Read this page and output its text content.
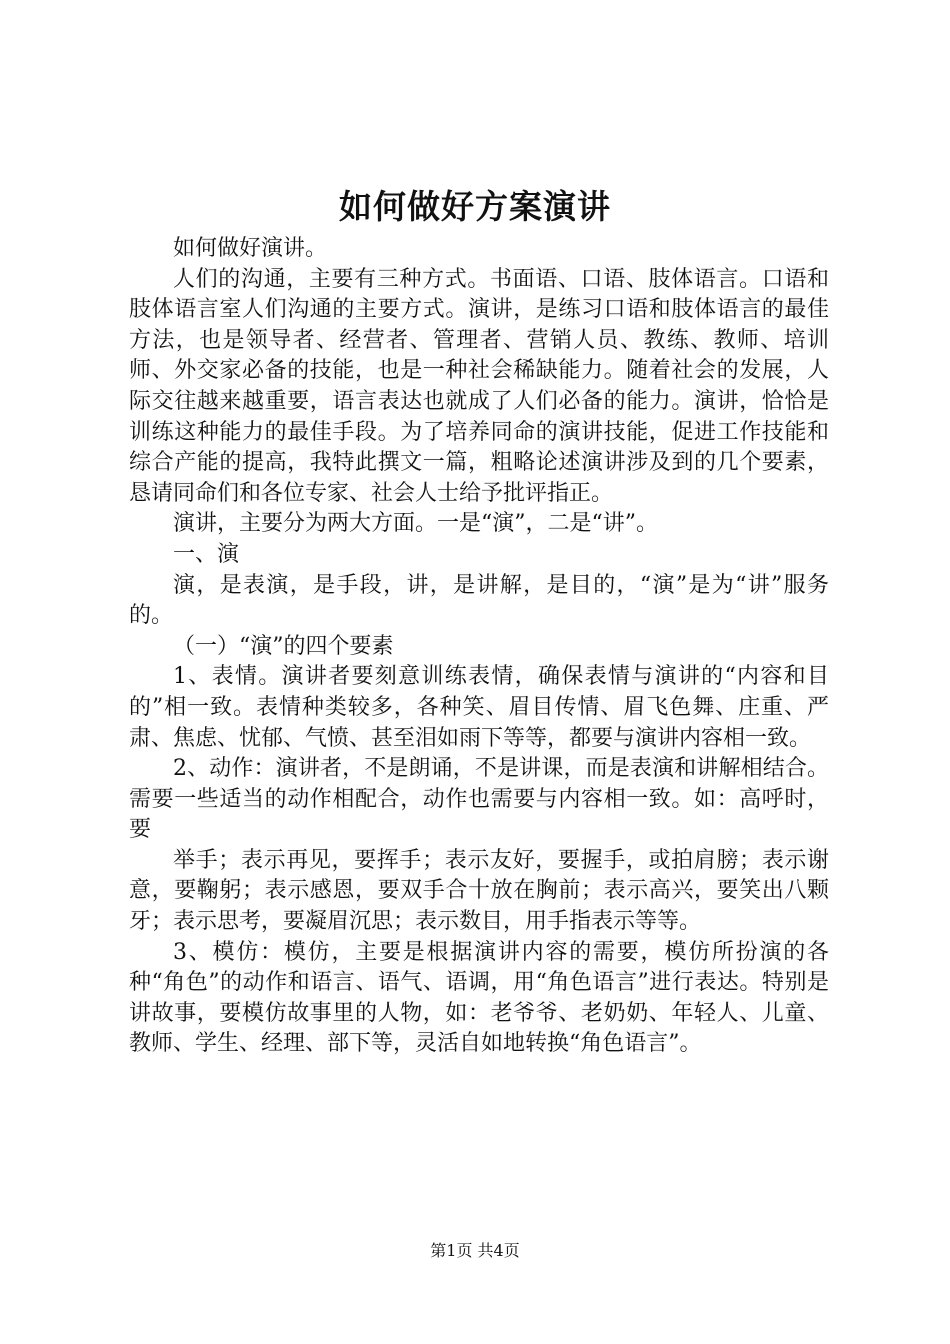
如何做好方案演讲

如何做好演讲。

人们的沟通，主要有三种方式。书面语、口语、肢体语言。口语和肢体语言室人们沟通的主要方式。演讲，是练习口语和肢体语言的最佳方法，也是领导者、经营者、管理者、营销人员、教练、教师、培训师、外交家必备的技能，也是一种社会稀缺能力。随着社会的发展，人际交往越来越重要，语言表达也就成了人们必备的能力。演讲，恰恰是训练这种能力的最佳手段。为了培养同命的演讲技能，促进工作技能和综合产能的提高，我特此撰文一篇，粗略论述演讲涉及到的几个要素，恳请同命们和各位专家、社会人士给予批评指正。

演讲，主要分为两大方面。一是“演”，二是“讲”。

一、演

演，是表演，是手段，讲，是讲解，是目的，“演”是为“讲”服务的。

（一）“演”的四个要素

1、表情。演讲者要刻意训练表情，确保表情与演讲的“内容和目的”相一致。表情种类较多，各种笑、眉目传情、眉飞色舞、庄重、严肃、焦虑、忧郁、气愤、甚至泪如雨下等等，都要与演讲内容相一致。

2、动作：演讲者，不是朗诵，不是讲课，而是表演和讲解相结合。需要一些适当的动作相配合，动作也需要与内容相一致。如：高呼时，要

举手；表示再见，要挥手；表示友好，要握手，或拍肩膀；表示谢意，要鞠躬；表示感恩，要双手合十放在胸前；表示高兴，要笑出八颗牙；表示思考，要凝眉沉思；表示数目，用手指表示等等。

3、模仿：模仿，主要是根据演讲内容的需要，模仿所扮演的各种“角色”的动作和语言、语气、语调，用“角色语言”进行表达。特别是讲故事，要模仿故事里的人物，如：老爷爷、老奶奶、年轻人、儿童、教师、学生、经理、部下等，灵活自如地转换“角色语言”。

第1页 共4页
